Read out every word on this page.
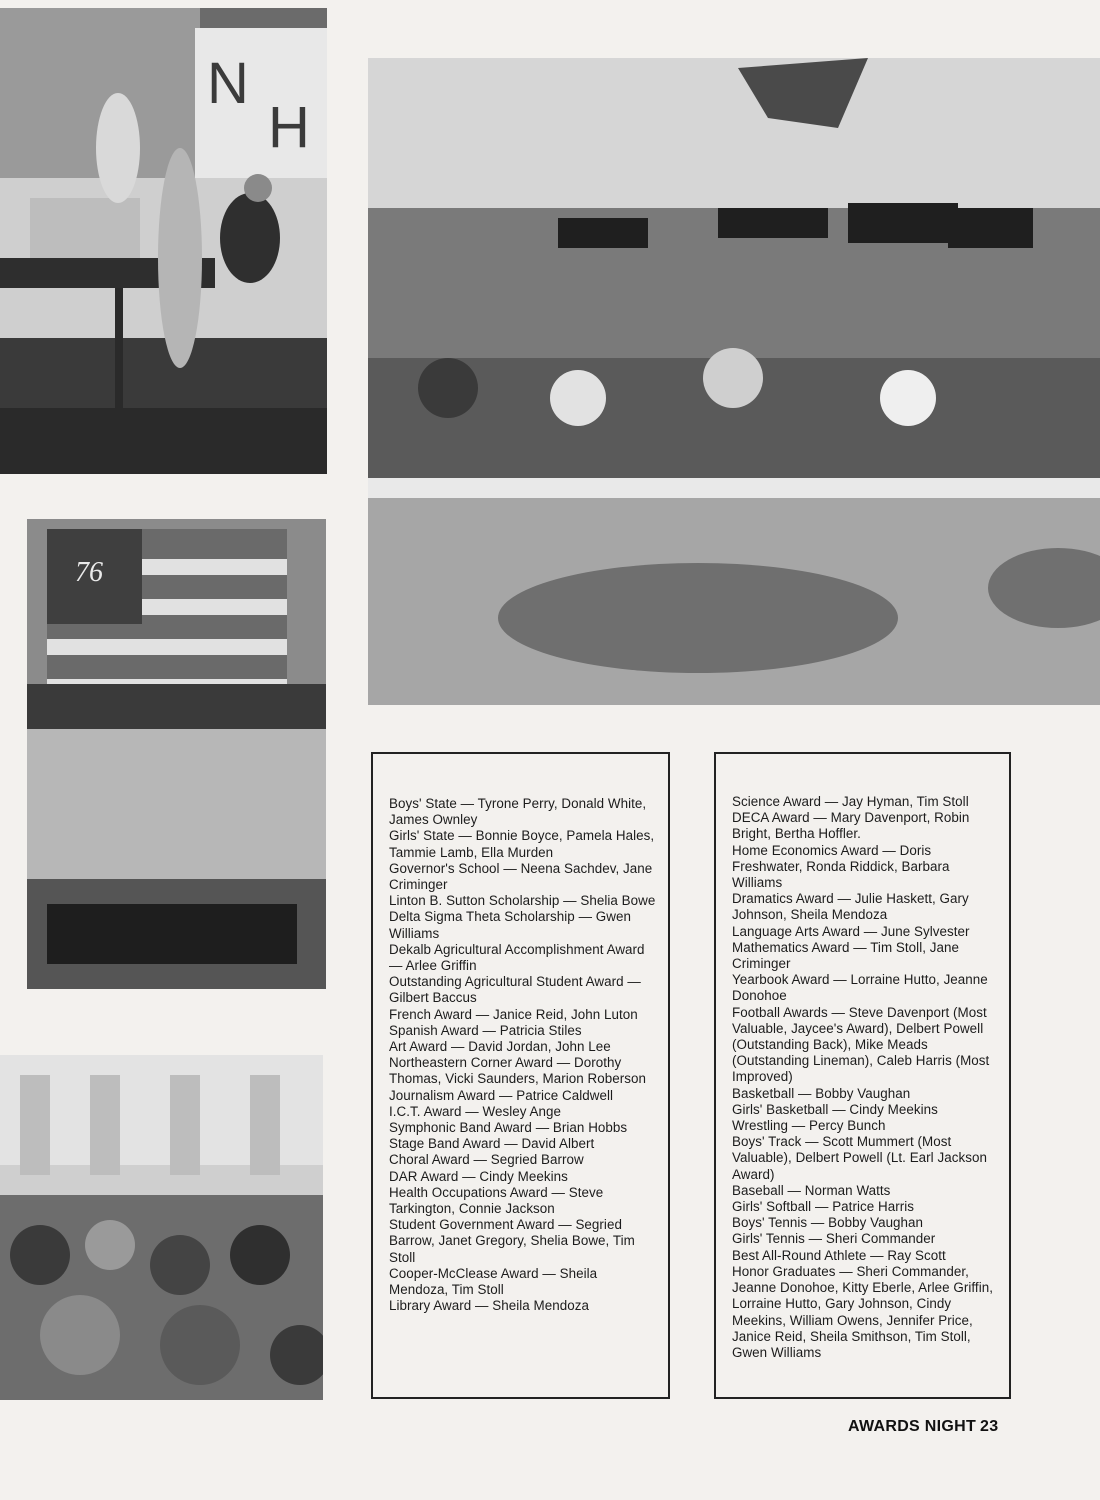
N
H
76
Boys' State — Tyrone Perry, Donald White, James Ownley
Girls' State — Bonnie Boyce, Pamela Hales, Tammie Lamb, Ella Murden
Governor's School — Neena Sachdev, Jane Criminger
Linton B. Sutton Scholarship — Shelia Bowe
Delta Sigma Theta Scholarship — Gwen Williams
Dekalb Agricultural Accomplishment Award — Arlee Griffin
Outstanding Agricultural Student Award — Gilbert Baccus
French Award — Janice Reid, John Luton
Spanish Award — Patricia Stiles
Art Award — David Jordan, John Lee
Northeastern Corner Award — Dorothy Thomas, Vicki Saunders, Marion Roberson
Journalism Award — Patrice Caldwell
I.C.T. Award — Wesley Ange
Symphonic Band Award — Brian Hobbs
Stage Band Award — David Albert
Choral Award — Segried Barrow
DAR Award — Cindy Meekins
Health Occupations Award — Steve Tarkington, Connie Jackson
Student Government Award — Segried Barrow, Janet Gregory, Shelia Bowe, Tim Stoll
Cooper-McClease Award — Sheila Mendoza, Tim Stoll
Library Award — Sheila Mendoza
Science Award — Jay Hyman, Tim Stoll
DECA Award — Mary Davenport, Robin Bright, Bertha Hoffler.
Home Economics Award — Doris Freshwater, Ronda Riddick, Barbara Williams
Dramatics Award — Julie Haskett, Gary Johnson, Sheila Mendoza
Language Arts Award — June Sylvester
Mathematics Award — Tim Stoll, Jane Criminger
Yearbook Award — Lorraine Hutto, Jeanne Donohoe
Football Awards — Steve Davenport (Most Valuable, Jaycee's Award), Delbert Powell (Outstanding Back), Mike Meads (Outstanding Lineman), Caleb Harris (Most Improved)
Basketball — Bobby Vaughan
Girls' Basketball — Cindy Meekins
Wrestling — Percy Bunch
Boys' Track — Scott Mummert (Most Valuable), Delbert Powell (Lt. Earl Jackson Award)
Baseball — Norman Watts
Girls' Softball — Patrice Harris
Boys' Tennis — Bobby Vaughan
Girls' Tennis — Sheri Commander
Best All-Round Athlete — Ray Scott
Honor Graduates — Sheri Commander, Jeanne Donohoe, Kitty Eberle, Arlee Griffin, Lorraine Hutto, Gary Johnson, Cindy Meekins, William Owens, Jennifer Price, Janice Reid, Sheila Smithson, Tim Stoll, Gwen Williams
AWARDS NIGHT 23
